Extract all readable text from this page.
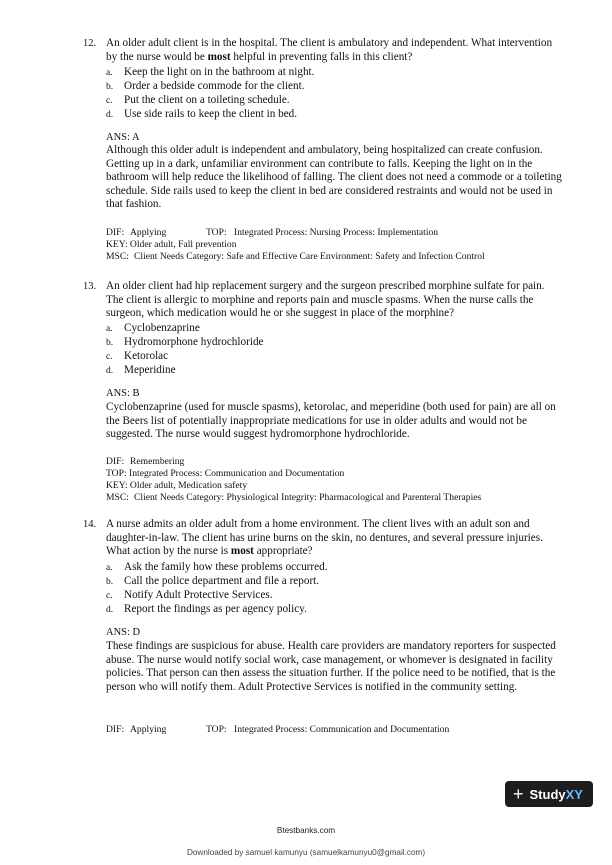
12. An older adult client is in the hospital. The client is ambulatory and independent. What intervention by the nurse would be most helpful in preventing falls in this client?
a. Keep the light on in the bathroom at night.
b. Order a bedside commode for the client.
c. Put the client on a toileting schedule.
d. Use side rails to keep the client in bed.
ANS: A
Although this older adult is independent and ambulatory, being hospitalized can create confusion. Getting up in a dark, unfamiliar environment can contribute to falls. Keeping the light on in the bathroom will help reduce the likelihood of falling. The client does not need a commode or a toileting schedule. Side rails used to keep the client in bed are considered restraints and would not be used in that fashion.
DIF: Applying	TOP: Integrated Process: Nursing Process: Implementation
KEY: Older adult, Fall prevention
MSC: Client Needs Category: Safe and Effective Care Environment: Safety and Infection Control
13. An older client had hip replacement surgery and the surgeon prescribed morphine sulfate for pain. The client is allergic to morphine and reports pain and muscle spasms. When the nurse calls the surgeon, which medication would he or she suggest in place of the morphine?
a. Cyclobenzaprine
b. Hydromorphone hydrochloride
c. Ketorolac
d. Meperidine
ANS: B
Cyclobenzaprine (used for muscle spasms), ketorolac, and meperidine (both used for pain) are all on the Beers list of potentially inappropriate medications for use in older adults and would not be suggested. The nurse would suggest hydromorphone hydrochloride.
DIF: Remembering
TOP: Integrated Process: Communication and Documentation
KEY: Older adult, Medication safety
MSC: Client Needs Category: Physiological Integrity: Pharmacological and Parenteral Therapies
14. A nurse admits an older adult from a home environment. The client lives with an adult son and daughter-in-law. The client has urine burns on the skin, no dentures, and several pressure injuries. What action by the nurse is most appropriate?
a. Ask the family how these problems occurred.
b. Call the police department and file a report.
c. Notify Adult Protective Services.
d. Report the findings as per agency policy.
ANS: D
These findings are suspicious for abuse. Health care providers are mandatory reporters for suspected abuse. The nurse would notify social work, case management, or whomever is designated in facility policies. That person can then assess the situation further. If the police need to be notified, that is the person who will notify them. Adult Protective Services is notified in the community setting.
DIF: Applying	TOP: Integrated Process: Communication and Documentation
+ Study XY
Btestbanks.com
Downloaded by samuel kamunyu (samuelkamunyu0@gmail.com)
